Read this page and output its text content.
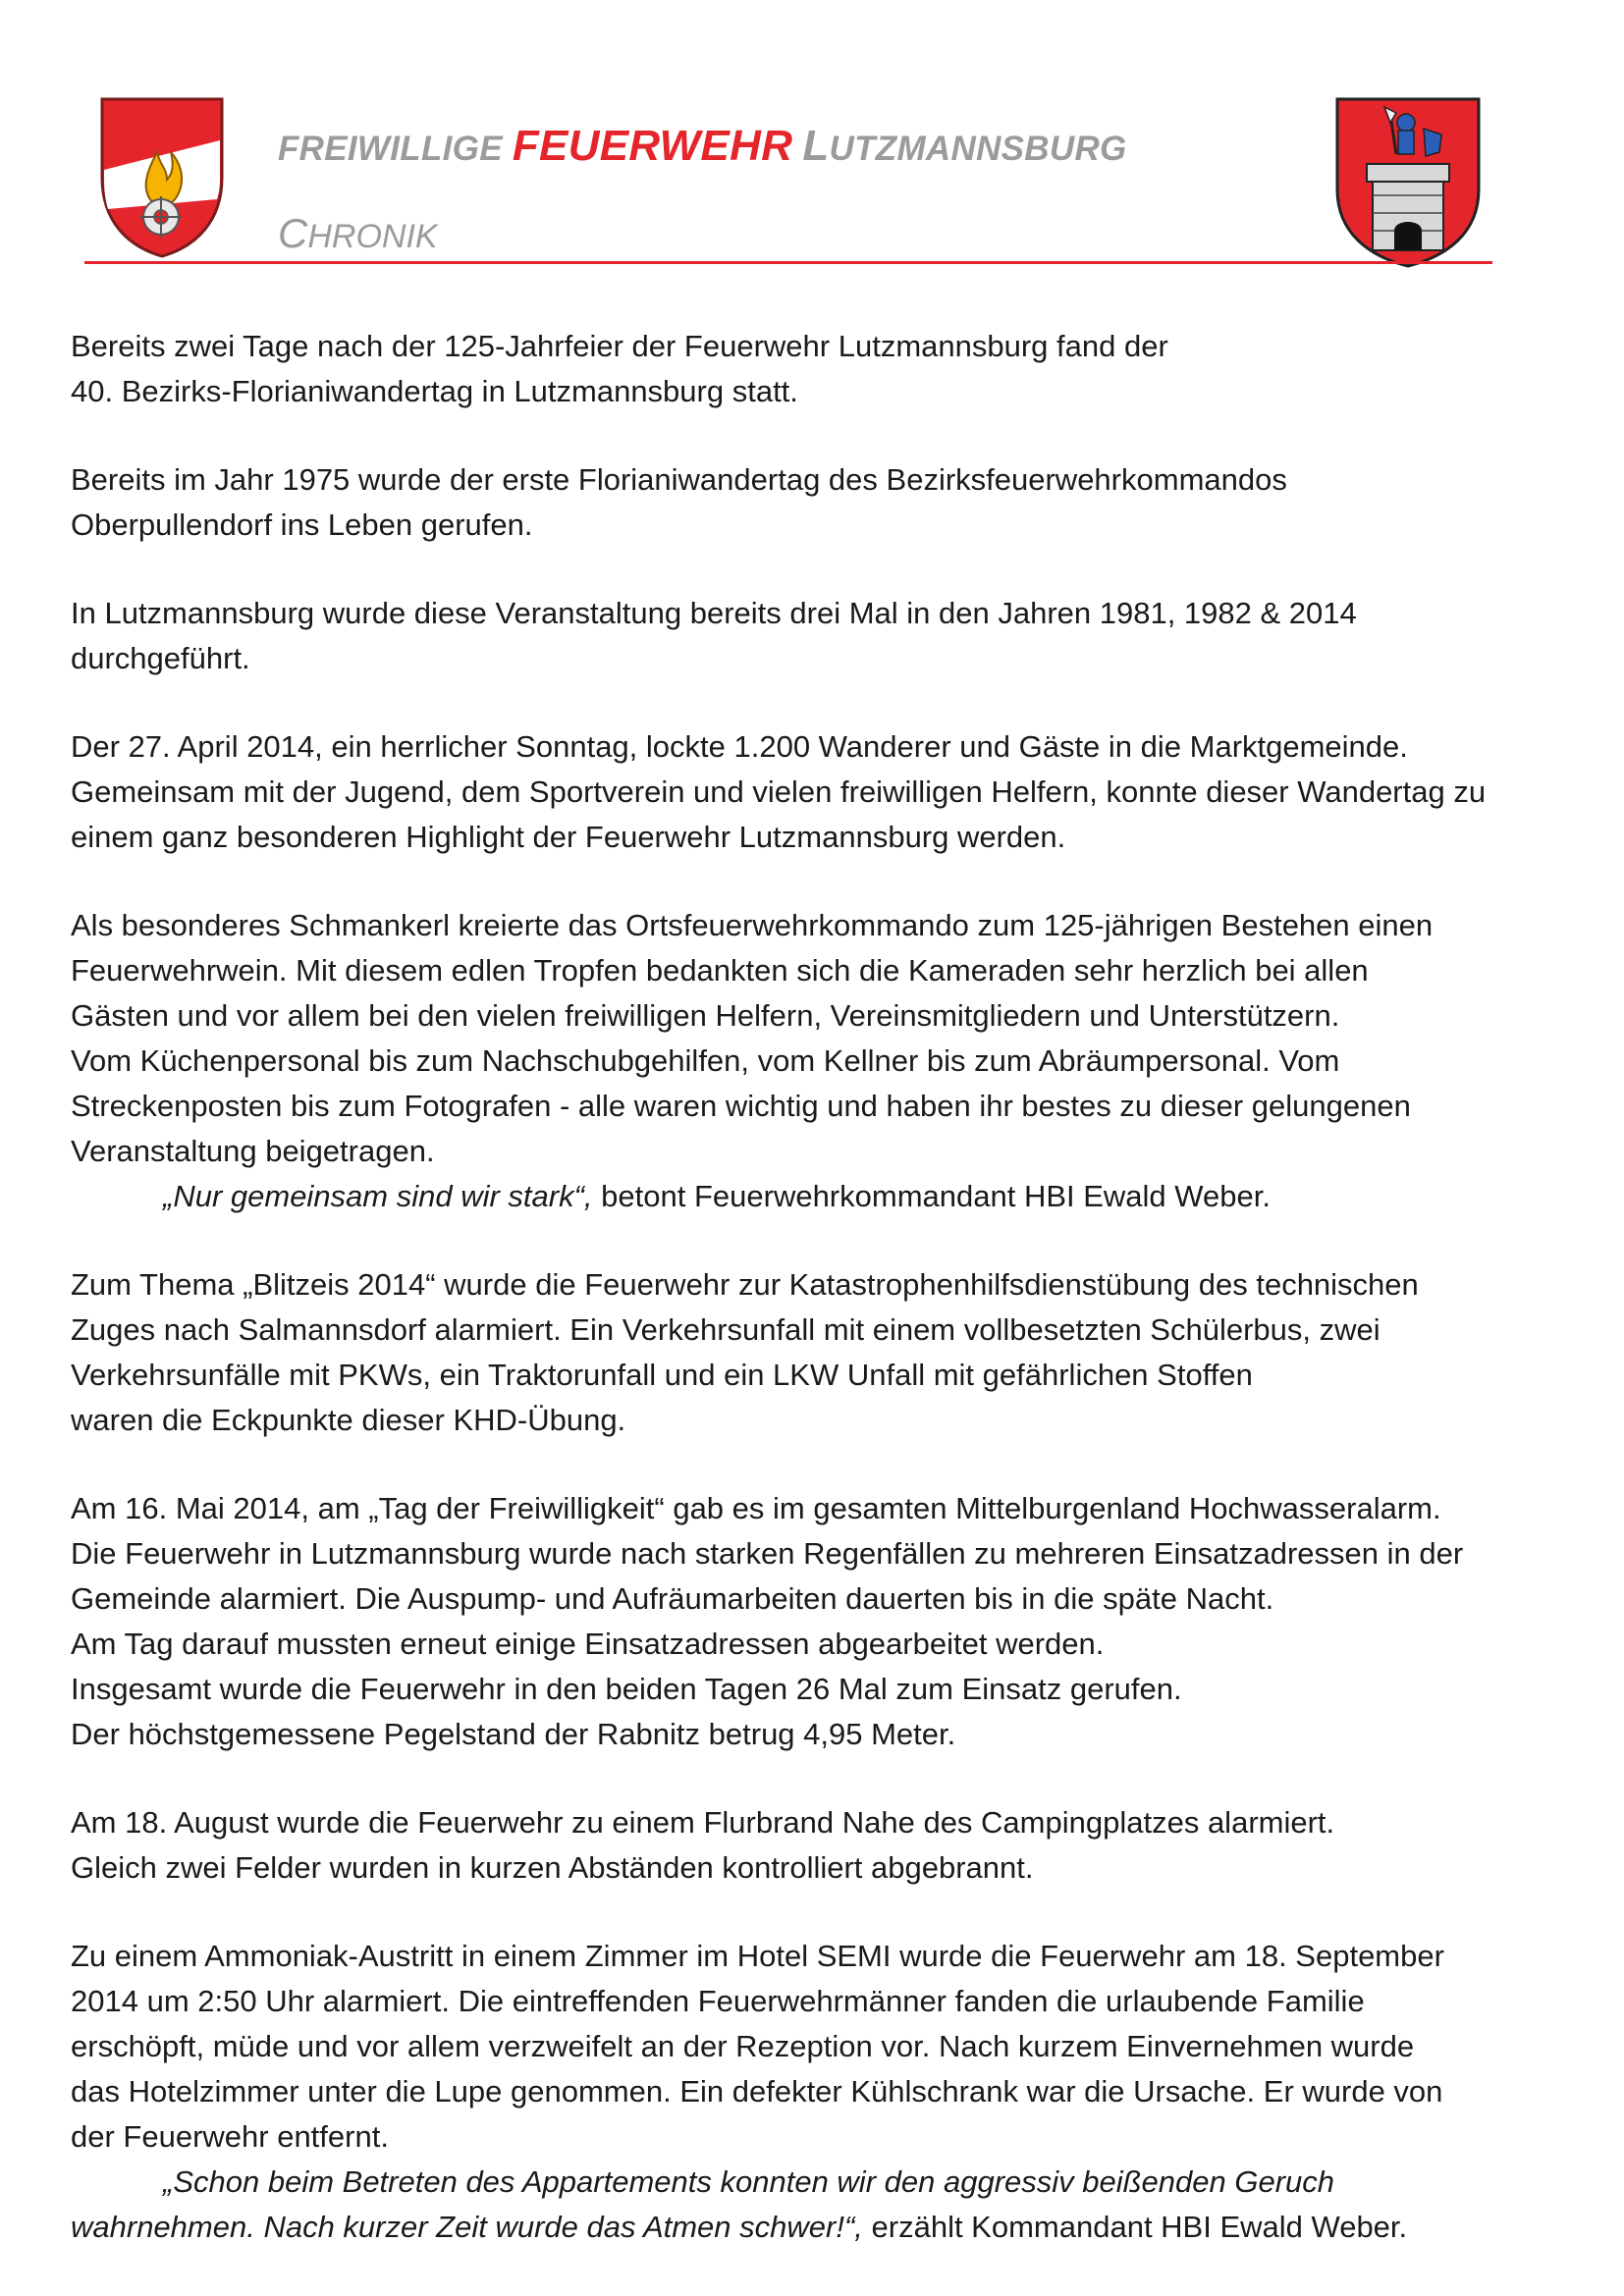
FREIWILLIGE FEUERWEHR LUTZMANNSBURG
CHRONIK

Bereits zwei Tage nach der 125-Jahrfeier der Feuerwehr Lutzmannsburg fand der
40. Bezirks-Florianiwandertag in Lutzmannsburg statt.

Bereits im Jahr 1975 wurde der erste Florianiwandertag des Bezirksfeuerwehrkommandos
Oberpullendorf ins Leben gerufen.

In Lutzmannsburg wurde diese Veranstaltung bereits drei Mal in den Jahren 1981, 1982 & 2014
durchgeführt.

Der 27. April 2014, ein herrlicher Sonntag, lockte 1.200 Wanderer und Gäste in die Marktgemeinde.
Gemeinsam mit der Jugend, dem Sportverein und vielen freiwilligen Helfern, konnte dieser Wandertag zu
einem ganz besonderen Highlight der Feuerwehr Lutzmannsburg werden.

Als besonderes Schmankerl kreierte das Ortsfeuerwehrkommando zum 125-jährigen Bestehen einen
Feuerwehrwein. Mit diesem edlen Tropfen bedankten sich die Kameraden sehr herzlich bei allen
Gästen und vor allem bei den vielen freiwilligen Helfern, Vereinsmitgliedern und Unterstützern.
Vom Küchenpersonal bis zum Nachschubgehilfen, vom Kellner bis zum Abräumpersonal. Vom
Streckenposten bis zum Fotografen - alle waren wichtig und haben ihr bestes zu dieser gelungenen
Veranstaltung beigetragen.
„Nur gemeinsam sind wir stark“, betont Feuerwehrkommandant HBI Ewald Weber.

Zum Thema „Blitzeis 2014“ wurde die Feuerwehr zur Katastrophenhilfsdienstübung des technischen
Zuges nach Salmannsdorf alarmiert. Ein Verkehrsunfall mit einem vollbesetzten Schülerbus, zwei
Verkehrsunfälle mit PKWs, ein Traktorunfall und ein LKW Unfall mit gefährlichen Stoffen
waren die Eckpunkte dieser KHD-Übung.

Am 16. Mai 2014, am „Tag der Freiwilligkeit“ gab es im gesamten Mittelburgenland Hochwasseralarm.
Die Feuerwehr in Lutzmannsburg wurde nach starken Regenfällen zu mehreren Einsatzadressen in der
Gemeinde alarmiert. Die Auspump- und Aufräumarbeiten dauerten bis in die späte Nacht.
Am Tag darauf mussten erneut einige Einsatzadressen abgearbeitet werden.
Insgesamt wurde die Feuerwehr in den beiden Tagen 26 Mal zum Einsatz gerufen.
Der höchstgemessene Pegelstand der Rabnitz betrug 4,95 Meter.

Am 18. August wurde die Feuerwehr zu einem Flurbrand Nahe des Campingplatzes alarmiert.
Gleich zwei Felder wurden in kurzen Abständen kontrolliert abgebrannt.

Zu einem Ammoniak-Austritt in einem Zimmer im Hotel SEMI wurde die Feuerwehr am 18. September
2014 um 2:50 Uhr alarmiert. Die eintreffenden Feuerwehrmänner fanden die urlaubende Familie
erschöpft, müde und vor allem verzweifelt an der Rezeption vor. Nach kurzem Einvernehmen wurde
das Hotelzimmer unter die Lupe genommen. Ein defekter Kühlschrank war die Ursache. Er wurde von
der Feuerwehr entfernt.
„Schon beim Betreten des Appartements konnten wir den aggressiv beißenden Geruch
wahrnehmen. Nach kurzer Zeit wurde das Atmen schwer!“, erzählt Kommandant HBI Ewald Weber.
